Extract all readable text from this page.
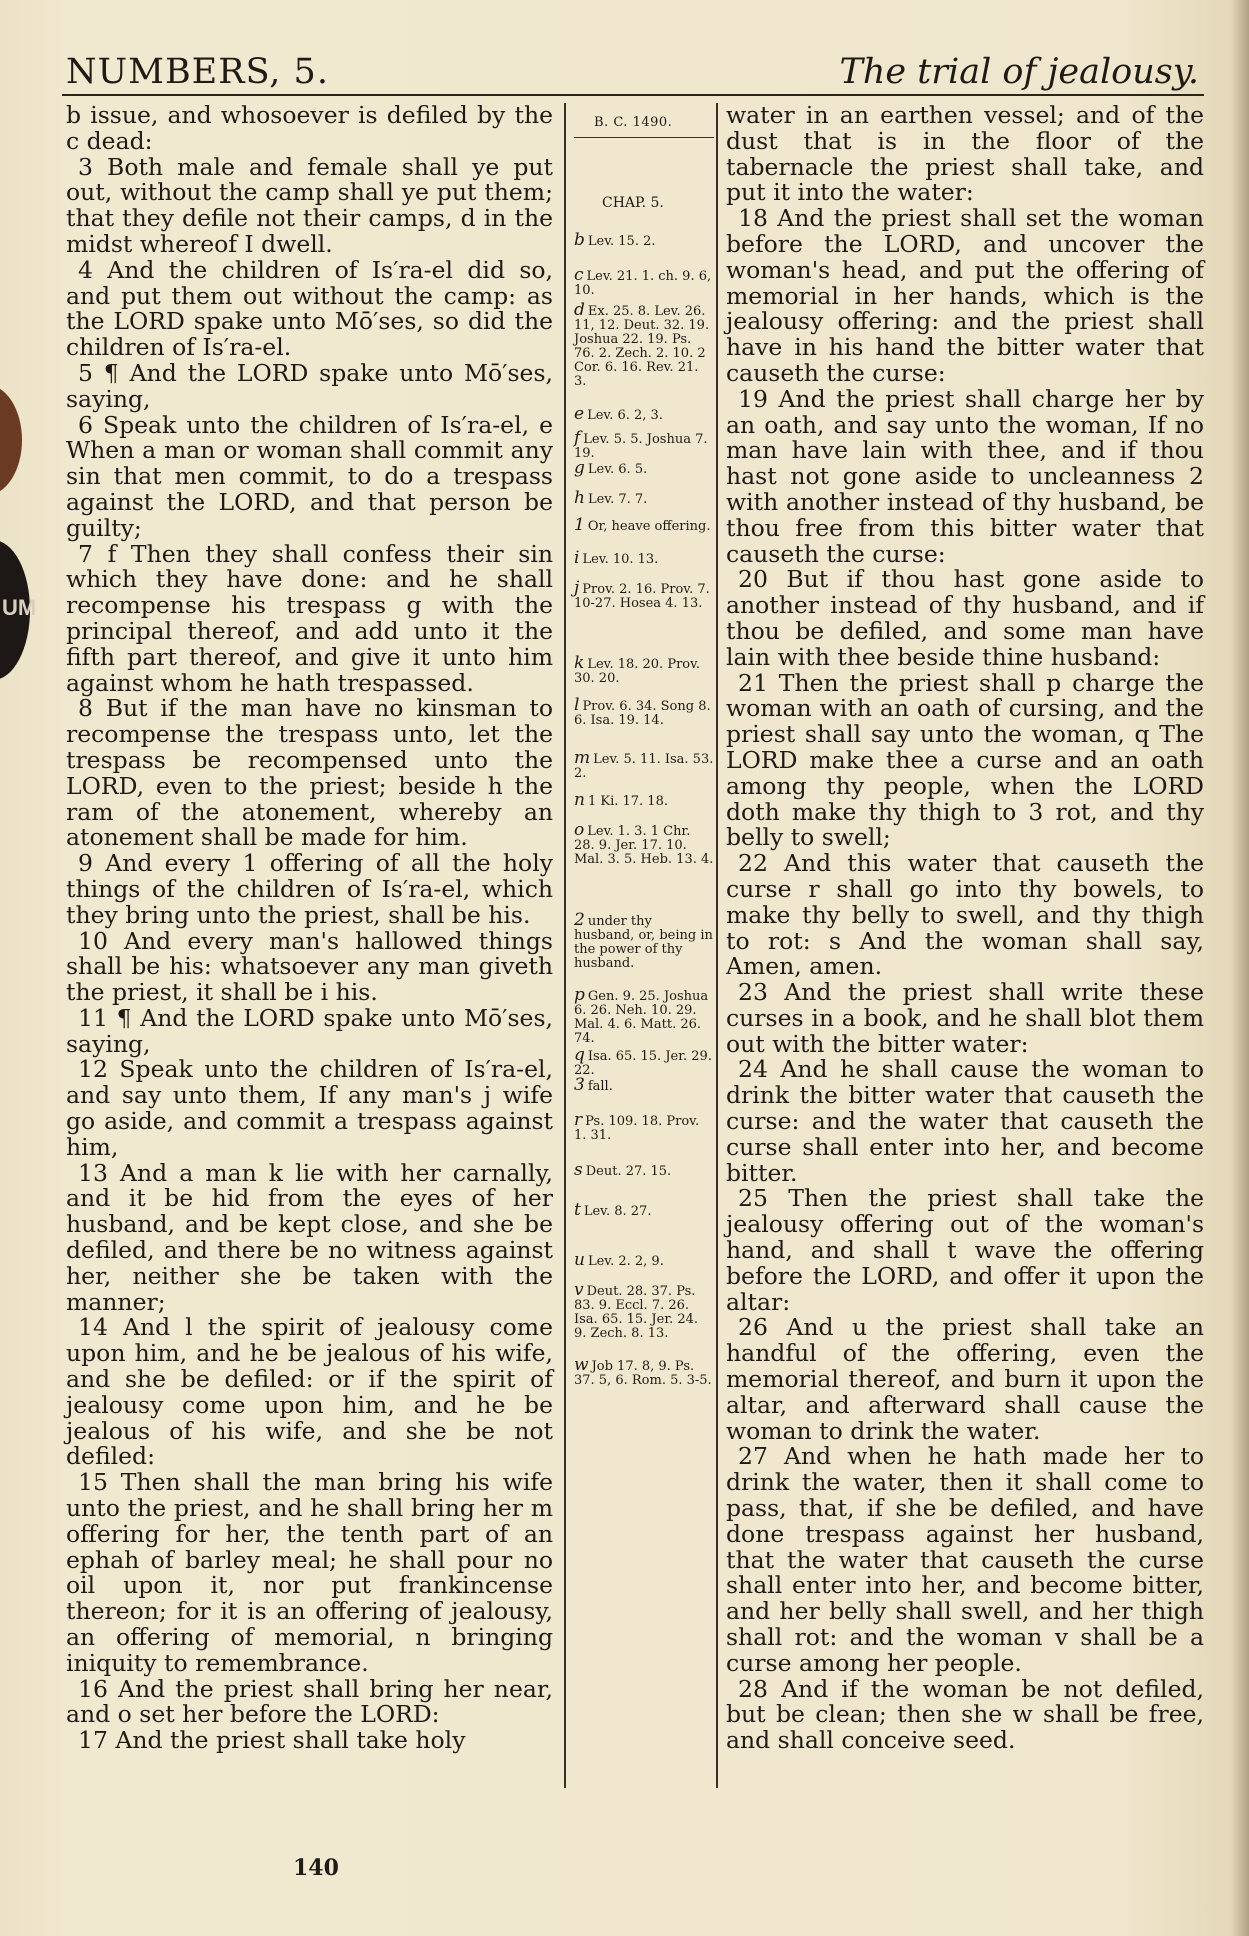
UM
NUMBERS, 5.	The trial of jealousy.

b issue, and whosoever is defiled by the c dead:

3 Both male and female shall ye put out, without the camp shall ye put them; that they defile not their camps, d in the midst whereof I dwell.

4 And the children of Is′ra-el did so, and put them out without the camp: as the LORD spake unto Mō′ses, so did the children of Is′ra-el.

5 ¶ And the LORD spake unto Mō′ses, saying,

6 Speak unto the children of Is′ra-el, e When a man or woman shall commit any sin that men commit, to do a trespass against the LORD, and that person be guilty;

7 f Then they shall confess their sin which they have done: and he shall recompense his trespass g with the principal thereof, and add unto it the fifth part thereof, and give it unto him against whom he hath trespassed.

8 But if the man have no kinsman to recompense the trespass unto, let the trespass be recompensed unto the LORD, even to the priest; beside h the ram of the atonement, whereby an atonement shall be made for him.

9 And every 1 offering of all the holy things of the children of Is′ra-el, which they bring unto the priest, shall be his.

10 And every man's hallowed things shall be his: whatsoever any man giveth the priest, it shall be i his.

11 ¶ And the LORD spake unto Mō′ses, saying,

12 Speak unto the children of Is′ra-el, and say unto them, If any man's j wife go aside, and commit a trespass against him,

13 And a man k lie with her carnally, and it be hid from the eyes of her husband, and be kept close, and she be defiled, and there be no witness against her, neither she be taken with the manner;

14 And l the spirit of jealousy come upon him, and he be jealous of his wife, and she be defiled: or if the spirit of jealousy come upon him, and he be jealous of his wife, and she be not defiled:

15 Then shall the man bring his wife unto the priest, and he shall bring her m offering for her, the tenth part of an ephah of barley meal; he shall pour no oil upon it, nor put frankincense thereon; for it is an offering of jealousy, an offering of memorial, n bringing iniquity to remembrance.

16 And the priest shall bring her near, and o set her before the LORD:

17 And the priest shall take holy

B. C. 1490.
CHAP. 5.
b Lev. 15. 2.
c Lev. 21. 1. ch. 9. 6, 10.
d Ex. 25. 8. Lev. 26. 11, 12. Deut. 32. 19. Joshua 22. 19. Ps. 76. 2. Zech. 2. 10. 2 Cor. 6. 16. Rev. 21. 3.
e Lev. 6. 2, 3.
f Lev. 5. 5. Joshua 7. 19.
g Lev. 6. 5.
h Lev. 7. 7.
1 Or, heave offering.
i Lev. 10. 13.
j Prov. 2. 16. Prov. 7. 10-27. Hosea 4. 13.
k Lev. 18. 20. Prov. 30. 20.
l Prov. 6. 34. Song 8. 6. Isa. 19. 14.
m Lev. 5. 11. Isa. 53. 2.
n 1 Ki. 17. 18.
o Lev. 1. 3. 1 Chr. 28. 9. Jer. 17. 10. Mal. 3. 5. Heb. 13. 4.
2 under thy husband, or, being in the power of thy husband.
p Gen. 9. 25. Joshua 6. 26. Neh. 10. 29. Mal. 4. 6. Matt. 26. 74.
q Isa. 65. 15. Jer. 29. 22.
3 fall.
r Ps. 109. 18. Prov. 1. 31.
s Deut. 27. 15.
t Lev. 8. 27.
u Lev. 2. 2, 9.
v Deut. 28. 37. Ps. 83. 9. Eccl. 7. 26. Isa. 65. 15. Jer. 24. 9. Zech. 8. 13.
w Job 17. 8, 9. Ps. 37. 5, 6. Rom. 5. 3-5.

water in an earthen vessel; and of the dust that is in the floor of the tabernacle the priest shall take, and put it into the water:

18 And the priest shall set the woman before the LORD, and uncover the woman's head, and put the offering of memorial in her hands, which is the jealousy offering: and the priest shall have in his hand the bitter water that causeth the curse:

19 And the priest shall charge her by an oath, and say unto the woman, If no man have lain with thee, and if thou hast not gone aside to uncleanness 2 with another instead of thy husband, be thou free from this bitter water that causeth the curse:

20 But if thou hast gone aside to another instead of thy husband, and if thou be defiled, and some man have lain with thee beside thine husband:

21 Then the priest shall p charge the woman with an oath of cursing, and the priest shall say unto the woman, q The LORD make thee a curse and an oath among thy people, when the LORD doth make thy thigh to 3 rot, and thy belly to swell;

22 And this water that causeth the curse r shall go into thy bowels, to make thy belly to swell, and thy thigh to rot: s And the woman shall say, Amen, amen.

23 And the priest shall write these curses in a book, and he shall blot them out with the bitter water:

24 And he shall cause the woman to drink the bitter water that causeth the curse: and the water that causeth the curse shall enter into her, and become bitter.

25 Then the priest shall take the jealousy offering out of the woman's hand, and shall t wave the offering before the LORD, and offer it upon the altar:

26 And u the priest shall take an handful of the offering, even the memorial thereof, and burn it upon the altar, and afterward shall cause the woman to drink the water.

27 And when he hath made her to drink the water, then it shall come to pass, that, if she be defiled, and have done trespass against her husband, that the water that causeth the curse shall enter into her, and become bitter, and her belly shall swell, and her thigh shall rot: and the woman v shall be a curse among her people.

28 And if the woman be not defiled, but be clean; then she w shall be free, and shall conceive seed.

140
